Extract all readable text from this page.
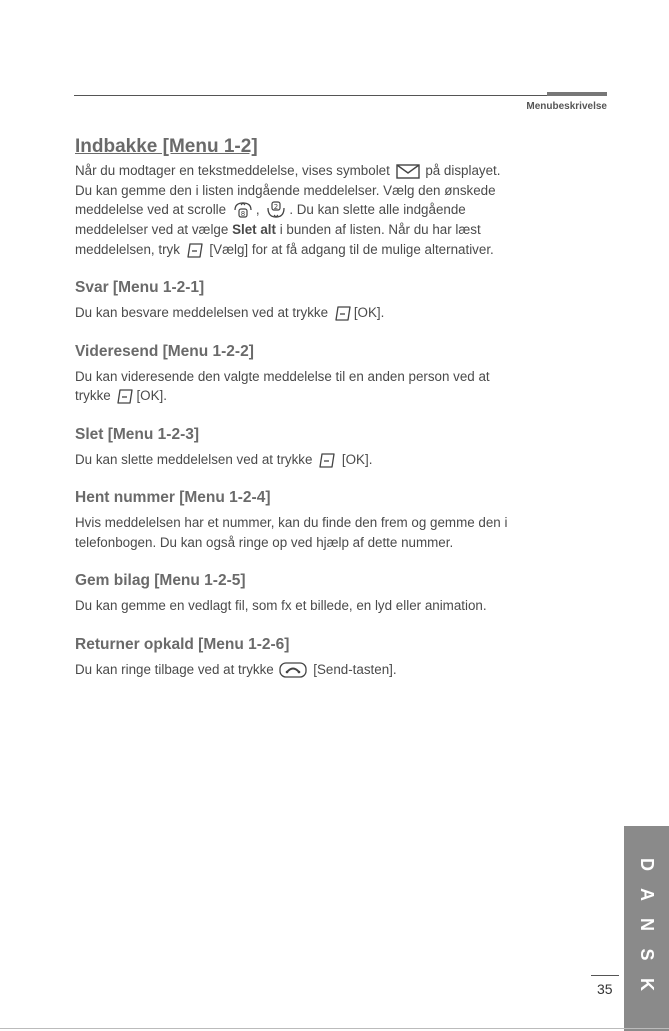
Menubeskrivelse
Indbakke [Menu 1-2]

Når du modtager en tekstmeddelelse, vises symbolet	på displayet.
Du kan gemme den i listen indgående meddelelser. Vælg den ønskede
meddelelse ved at scrolle 8 , 2 . Du kan slette alle indgående
meddelelser ved at vælge Slet alt i bunden af listen. Når du har læst
meddelelsen, tryk [Vælg] for at få adgang til de mulige alternativer.

Svar [Menu 1-2-1]

Du kan besvare meddelelsen ved at trykke [OK].

Videresend [Menu 1-2-2]

Du kan videresende den valgte meddelelse til en anden person ved at
trykke [OK].

Slet [Menu 1-2-3]

Du kan slette meddelelsen ved at trykke [OK].

Hent nummer [Menu 1-2-4]

Hvis meddelelsen har et nummer, kan du finde den frem og gemme den i
telefonbogen. Du kan også ringe op ved hjælp af dette nummer.

Gem bilag [Menu 1-2-5]

Du kan gemme en vedlagt fil, som fx et billede, en lyd eller animation.

Returner opkald [Menu 1-2-6]

Du kan ringe tilbage ved at trykke	[Send-tasten].

D
A
N
S
K
35
